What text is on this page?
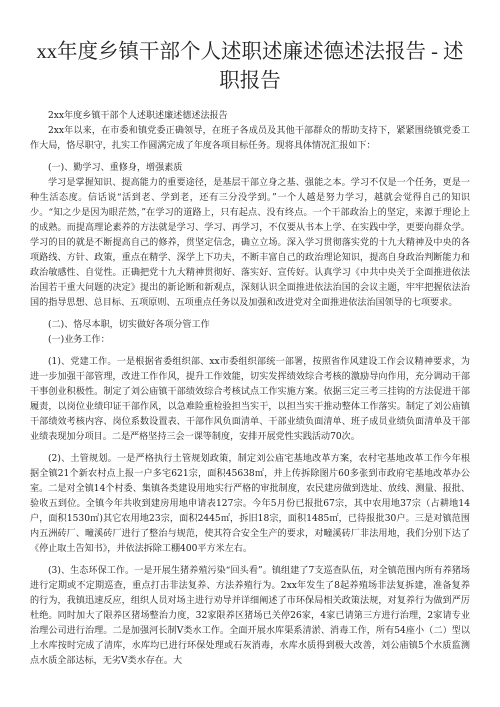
xx年度乡镇干部个人述职述廉述德述法报告 - 述职报告

2xx年度乡镇干部个人述职述廉述德述法报告

2xx年以来，在市委和镇党委正确领导，在班子各成员及其他干部群众的帮助支持下，紧紧围绕镇党委工作大局，恪尽职守，扎实工作圆满完成了年度各项目标任务。现将具体情况汇报如下：

(一)、勤学习、重修身，增强素质

学习是掌握知识、提高能力的重要途径，是基层干部立身之基、强能之本。学习不仅是一个任务，更是一种生活态度。信话说“活到老、学到老，还有三分没学到。”一个人越是努力学习，越就会觉得自己的知识少。“知之少是因为眼茫然，”在学习的道路上，只有起点、没有终点。一个干部政治上的坚定，来源于理论上的成熟。而提高理论素养的方法就是学习、学习、再学习，不仅要从书本上学、在实践中学，更要向群众学。学习的目的就是不断提高自己的修养，贯坚定信念，确立立场。深入学习贯彻落实党的十九大精神及中央的各项路线、方针、政策，重点在精学、深学上下功夫，不断丰富自己的政治理论知识，提高自身政治判断能力和政治敏感性、自觉性。正确把党十九大精神贯彻好、落实好、宣传好。认真学习《中共中央关于全面推进依法治国若干重大问题的决定》提出的新论断和新观点，深刻认识全面推进依法治国的会议主题，牢牢把握依法治国的指导思想、总目标、五项原则、五项重点任务以及加强和改进党对全面推进依法治国领导的七项要求。

(二)、恪尽本职，切实做好各项分管工作

(一)业务工作：

(1)、党建工作。一是根据省委组织部、xx市委组织部统一部署，按照省作风建设工作会议精神要求，为进一步加强干部管理，改进工作作风，提升工作效能，切实发挥绩效综合考核的激励导向作用，充分调动干部干事创业积极性。制定了刘公庙镇干部绩效综合考核试点工作实施方案。依据三定三考三挂钩的方法促进干部履责，以岗位业绩印证干部作风，以急难险重检验担当实干，以担当实干推动整体工作落实。制定了刘公庙镇干部绩效考核内容、岗位系数设置表、干部作风负面清单、干部业绩负面清单、班子成员业绩负面清单及干部业绩表现加分项目。二是严格坚持三会一课等制度，安排开展党性实践活动70次。

(2)、土管规划。一是严格执行土管规划政策，制定刘公庙宅基地改革方案，农村宅基地改革工作今年根据全镇21个新农村点上报一户多宅621宗，面积45638㎡，并上传拆除图片60多张到市政府宅基地改革办公室。二是对全镇14个村委、集镇各类建设用地实行严格的审批制度，农民建房做到选址、放线、测量、报批、验收五到位。全镇今年共收到建房用地申请表127宗。今年5月份已报批67宗，其中农用地37宗（占耕地14户，面积1530㎡)其它农用地23宗，面积2445㎡，拆旧18宗，面积1485㎡，已待报批30户。三是对镇范围内五洲砖厂、疃溪砖厂进行了整治与规范，使其符合安全生产的要求，对疃溪砖厂非法用地，我们分别下达了《停止取土告知书》，并依法拆除工棚400平方米左右。

(3)、生态环保工作。一是开展生猪养殖污染“回头看”。镇组建了7支巡查队伍，对全镇范围内所有养猪场进行定期或不定期巡查，重点打击非法复养、方法养殖行为。2xx年发生了8起养殖场非法复拆建，准备复养的行为，我镇迅速反应，组织人员对场主进行劝导并详细阐述了市环保局相关政策法规，对复养行为做到严厉杜绝。同时加大了限养区猪场整治力度，32家限养区猪场已关停26家，4家已请第三方进行治理，2家请专业治理公司进行治理。二是加强河长制V类水工作。全面开展水库渠系清淤、消毒工作，所有54座小（二）型以上水库按时完成了清库，水库均已进行环保处理或石灰消毒，水库水质得到极大改善，刘公庙镇5个水质监测点水质全部达标，无劣V类水存在。大
